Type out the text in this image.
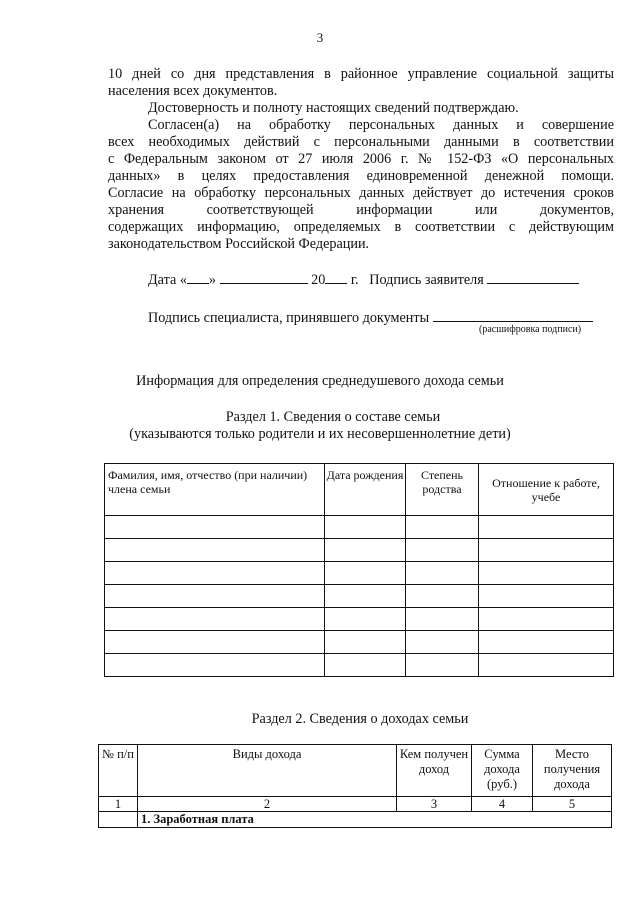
3
10 дней со дня представления в районное управление социальной защиты
населения всех документов.
Достоверность и полноту настоящих сведений подтверждаю.
Согласен(а) на обработку персональных данных и совершение
всех необходимых действий с персональными данными в соответствии
с Федеральным законом от 27 июля 2006 г. № 152-ФЗ «О персональных
данных» в целях предоставления единовременной денежной помощи.
Согласие на обработку персональных данных действует до истечения сроков
хранения соответствующей информации или документов,
содержащих информацию, определяемых в соответствии с действующим
законодательством Российской Федерации.
Дата « »	20 г. Подпись заявителя
Подпись специалиста, принявшего документы
(расшифровка подписи)
Информация для определения среднедушевого дохода семьи
Раздел 1. Сведения о составе семьи
(указываются только родители и их несовершеннолетние дети)
Фамилия, имя, отчество (при наличии) члена семьи	Дата рождения	Степень родства	Отношение к работе, учебе

Раздел 2. Сведения о доходах семьи
№ п/п	Виды дохода	Кем получен доход	Сумма дохода (руб.)	Место получения дохода
1	2	3	4	5
	1. Заработная плата			
